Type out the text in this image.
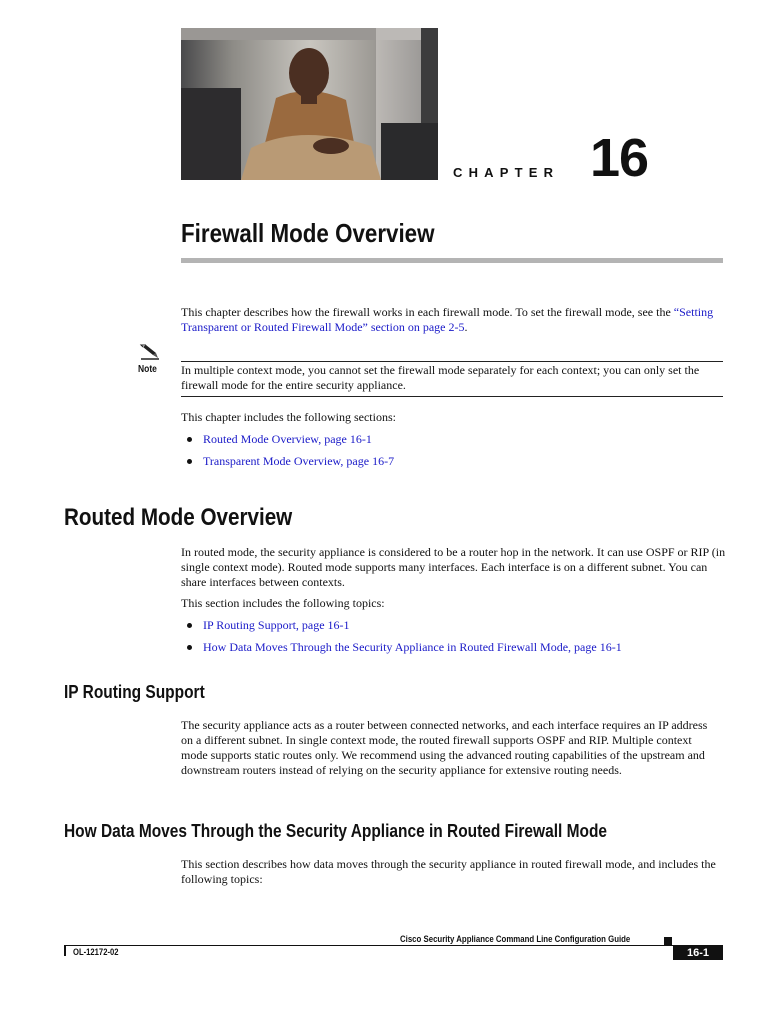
CHAPTER 16
Firewall Mode Overview
This chapter describes how the firewall works in each firewall mode. To set the firewall mode, see the “Setting Transparent or Routed Firewall Mode” section on page 2-5.
Note In multiple context mode, you cannot set the firewall mode separately for each context; you can only set the firewall mode for the entire security appliance.
This chapter includes the following sections:
Routed Mode Overview, page 16-1
Transparent Mode Overview, page 16-7
Routed Mode Overview
In routed mode, the security appliance is considered to be a router hop in the network. It can use OSPF or RIP (in single context mode). Routed mode supports many interfaces. Each interface is on a different subnet. You can share interfaces between contexts.
This section includes the following topics:
IP Routing Support, page 16-1
How Data Moves Through the Security Appliance in Routed Firewall Mode, page 16-1
IP Routing Support
The security appliance acts as a router between connected networks, and each interface requires an IP address on a different subnet. In single context mode, the routed firewall supports OSPF and RIP. Multiple context mode supports static routes only. We recommend using the advanced routing capabilities of the upstream and downstream routers instead of relying on the security appliance for extensive routing needs.
How Data Moves Through the Security Appliance in Routed Firewall Mode
This section describes how data moves through the security appliance in routed firewall mode, and includes the following topics:
Cisco Security Appliance Command Line Configuration Guide
OL-12172-02	16-1
